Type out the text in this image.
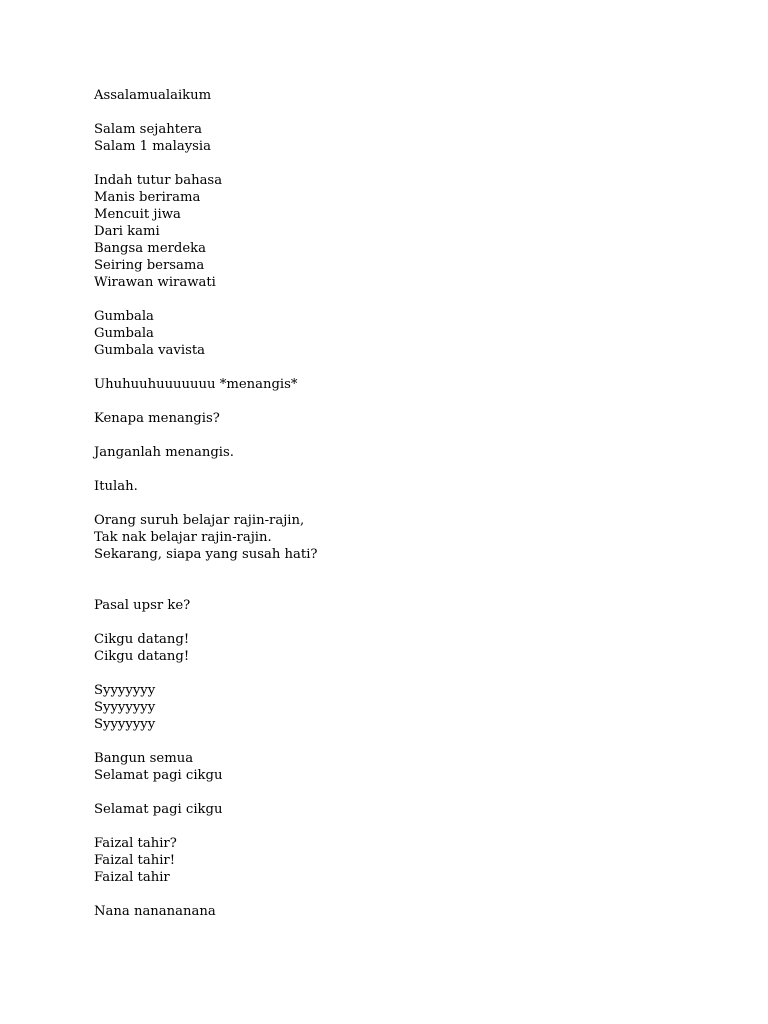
Assalamualaikum
Salam sejahtera
Salam 1 malaysia
Indah tutur bahasa
Manis berirama
Mencuit jiwa
Dari kami
Bangsa merdeka
Seiring bersama
Wirawan wirawati
Gumbala
Gumbala
Gumbala vavista
Uhuhuuhuuuuuuu *menangis*
Kenapa menangis?
Janganlah menangis.
Itulah.
Orang suruh belajar rajin-rajin,
Tak nak belajar rajin-rajin.
Sekarang, siapa yang susah hati?
Pasal upsr ke?
Cikgu datang!
Cikgu datang!
Syyyyyyy
Syyyyyyy
Syyyyyyy
Bangun semua
Selamat pagi cikgu
Selamat pagi cikgu
Faizal tahir?
Faizal tahir!
Faizal tahir
Nana nanananana
